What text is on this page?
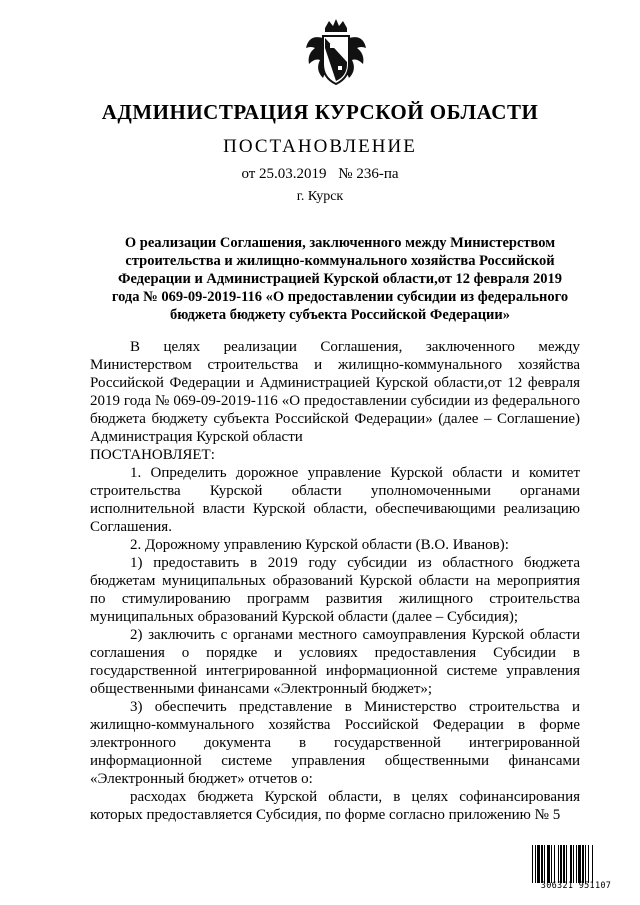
АДМИНИСТРАЦИЯ КУРСКОЙ ОБЛАСТИ
ПОСТАНОВЛЕНИЕ
от 25.03.2019 № 236-па
г. Курск
О реализации Соглашения, заключенного между Министерством
строительства и жилищно-коммунального хозяйства Российской
Федерации и Администрацией Курской области,от 12 февраля 2019
года № 069-09-2019-116 «О предоставлении субсидии из федерального
бюджета бюджету субъекта Российской Федерации»

В целях реализации Соглашения, заключенного между Министерством строительства и жилищно-коммунального хозяйства Российской Федерации и Администрацией Курской области,от 12 февраля 2019 года № 069-09-2019-116 «О предоставлении субсидии из федерального бюджета бюджету субъекта Российской Федерации» (далее – Соглашение) Администрация Курской области

ПОСТАНОВЛЯЕТ:

1. Определить дорожное управление Курской области и комитет строительства Курской области уполномоченными органами исполнительной власти Курской области, обеспечивающими реализацию Соглашения.

2. Дорожному управлению Курской области (В.О. Иванов):

1) предоставить в 2019 году субсидии из областного бюджета бюджетам муниципальных образований Курской области на мероприятия по стимулированию программ развития жилищного строительства муниципальных образований Курской области (далее – Субсидия);

2) заключить с органами местного самоуправления Курской области соглашения о порядке и условиях предоставления Субсидии в государственной интегрированной информационной системе управления общественными финансами «Электронный бюджет»;

3) обеспечить представление в Министерство строительства и жилищно-коммунального хозяйства Российской Федерации в форме электронного документа в государственной интегрированной информационной системе управления общественными финансами «Электронный бюджет» отчетов о:

расходах бюджета Курской области, в целях софинансирования которых предоставляется Субсидия, по форме согласно приложению № 5

306321 951107
